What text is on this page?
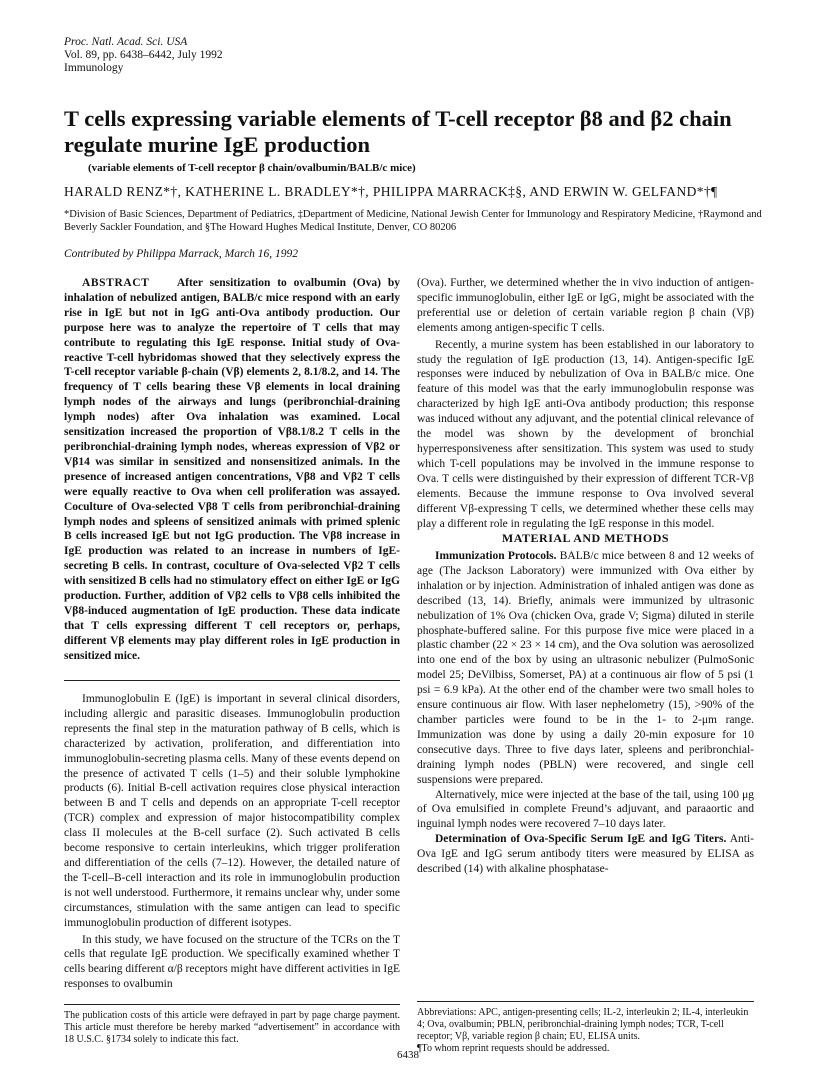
Proc. Natl. Acad. Sci. USA
Vol. 89, pp. 6438–6442, July 1992
Immunology
T cells expressing variable elements of T-cell receptor β8 and β2 chain regulate murine IgE production
(variable elements of T-cell receptor β chain/ovalbumin/BALB/c mice)
HARALD RENZ*†, KATHERINE L. BRADLEY*†, PHILIPPA MARRACK‡§, AND ERWIN W. GELFAND*†¶
*Division of Basic Sciences, Department of Pediatrics, ‡Department of Medicine, National Jewish Center for Immunology and Respiratory Medicine, †Raymond and Beverly Sackler Foundation, and §The Howard Hughes Medical Institute, Denver, CO 80206
Contributed by Philippa Marrack, March 16, 1992

ABSTRACT After sensitization to ovalbumin (Ova) by inhalation of nebulized antigen, BALB/c mice respond with an early rise in IgE but not in IgG anti-Ova antibody production. Our purpose here was to analyze the repertoire of T cells that may contribute to regulating this IgE response. Initial study of Ova-reactive T-cell hybridomas showed that they selectively express the T-cell receptor variable β-chain (Vβ) elements 2, 8.1/8.2, and 14. The frequency of T cells bearing these Vβ elements in local draining lymph nodes of the airways and lungs (peribronchial-draining lymph nodes) after Ova inhalation was examined. Local sensitization increased the proportion of Vβ8.1/8.2 T cells in the peribronchial-draining lymph nodes, whereas expression of Vβ2 or Vβ14 was similar in sensitized and nonsensitized animals. In the presence of increased antigen concentrations, Vβ8 and Vβ2 T cells were equally reactive to Ova when cell proliferation was assayed. Coculture of Ova-selected Vβ8 T cells from peribronchial-draining lymph nodes and spleens of sensitized animals with primed splenic B cells increased IgE but not IgG production. The Vβ8 increase in IgE production was related to an increase in numbers of IgE-secreting B cells. In contrast, coculture of Ova-selected Vβ2 T cells with sensitized B cells had no stimulatory effect on either IgE or IgG production. Further, addition of Vβ2 cells to Vβ8 cells inhibited the Vβ8-induced augmentation of IgE production. These data indicate that T cells expressing different T cell receptors or, perhaps, different Vβ elements may play different roles in IgE production in sensitized mice.

Immunoglobulin E (IgE) is important in several clinical disorders, including allergic and parasitic diseases. Immunoglobulin production represents the final step in the maturation pathway of B cells, which is characterized by activation, proliferation, and differentiation into immunoglobulin-secreting plasma cells. Many of these events depend on the presence of activated T cells (1–5) and their soluble lymphokine products (6). Initial B-cell activation requires close physical interaction between B and T cells and depends on an appropriate T-cell receptor (TCR) complex and expression of major histocompatibility complex class II molecules at the B-cell surface (2). Such activated B cells become responsive to certain interleukins, which trigger proliferation and differentiation of the cells (7–12). However, the detailed nature of the T-cell–B-cell interaction and its role in immunoglobulin production is not well understood. Furthermore, it remains unclear why, under some circumstances, stimulation with the same antigen can lead to specific immunoglobulin production of different isotypes.

In this study, we have focused on the structure of the TCRs on the T cells that regulate IgE production. We specifically examined whether T cells bearing different α/β receptors might have different activities in IgE responses to ovalbumin

The publication costs of this article were defrayed in part by page charge payment. This article must therefore be hereby marked “advertisement” in accordance with 18 U.S.C. §1734 solely to indicate this fact.

(Ova). Further, we determined whether the in vivo induction of antigen-specific immunoglobulin, either IgE or IgG, might be associated with the preferential use or deletion of certain variable region β chain (Vβ) elements among antigen-specific T cells.

Recently, a murine system has been established in our laboratory to study the regulation of IgE production (13, 14). Antigen-specific IgE responses were induced by nebulization of Ova in BALB/c mice. One feature of this model was that the early immunoglobulin response was characterized by high IgE anti-Ova antibody production; this response was induced without any adjuvant, and the potential clinical relevance of the model was shown by the development of bronchial hyperresponsiveness after sensitization. This system was used to study which T-cell populations may be involved in the immune response to Ova. T cells were distinguished by their expression of different TCR-Vβ elements. Because the immune response to Ova involved several different Vβ-expressing T cells, we determined whether these cells may play a different role in regulating the IgE response in this model.

MATERIAL AND METHODS

Immunization Protocols. BALB/c mice between 8 and 12 weeks of age (The Jackson Laboratory) were immunized with Ova either by inhalation or by injection. Administration of inhaled antigen was done as described (13, 14). Briefly, animals were immunized by ultrasonic nebulization of 1% Ova (chicken Ova, grade V; Sigma) diluted in sterile phosphate-buffered saline. For this purpose five mice were placed in a plastic chamber (22 × 23 × 14 cm), and the Ova solution was aerosolized into one end of the box by using an ultrasonic nebulizer (PulmoSonic model 25; DeVilbiss, Somerset, PA) at a continuous air flow of 5 psi (1 psi = 6.9 kPa). At the other end of the chamber were two small holes to ensure continuous air flow. With laser nephelometry (15), >90% of the chamber particles were found to be in the 1- to 2-μm range. Immunization was done by using a daily 20-min exposure for 10 consecutive days. Three to five days later, spleens and peribronchial-draining lymph nodes (PBLN) were recovered, and single cell suspensions were prepared.

Alternatively, mice were injected at the base of the tail, using 100 μg of Ova emulsified in complete Freund’s adjuvant, and paraaortic and inguinal lymph nodes were recovered 7–10 days later.

Determination of Ova-Specific Serum IgE and IgG Titers. Anti-Ova IgE and IgG serum antibody titers were measured by ELISA as described (14) with alkaline phosphatase-

Abbreviations: APC, antigen-presenting cells; IL-2, interleukin 2; IL-4, interleukin 4; Ova, ovalbumin; PBLN, peribronchial-draining lymph nodes; TCR, T-cell receptor; Vβ, variable region β chain; EU, ELISA units.
¶To whom reprint requests should be addressed.
6438
